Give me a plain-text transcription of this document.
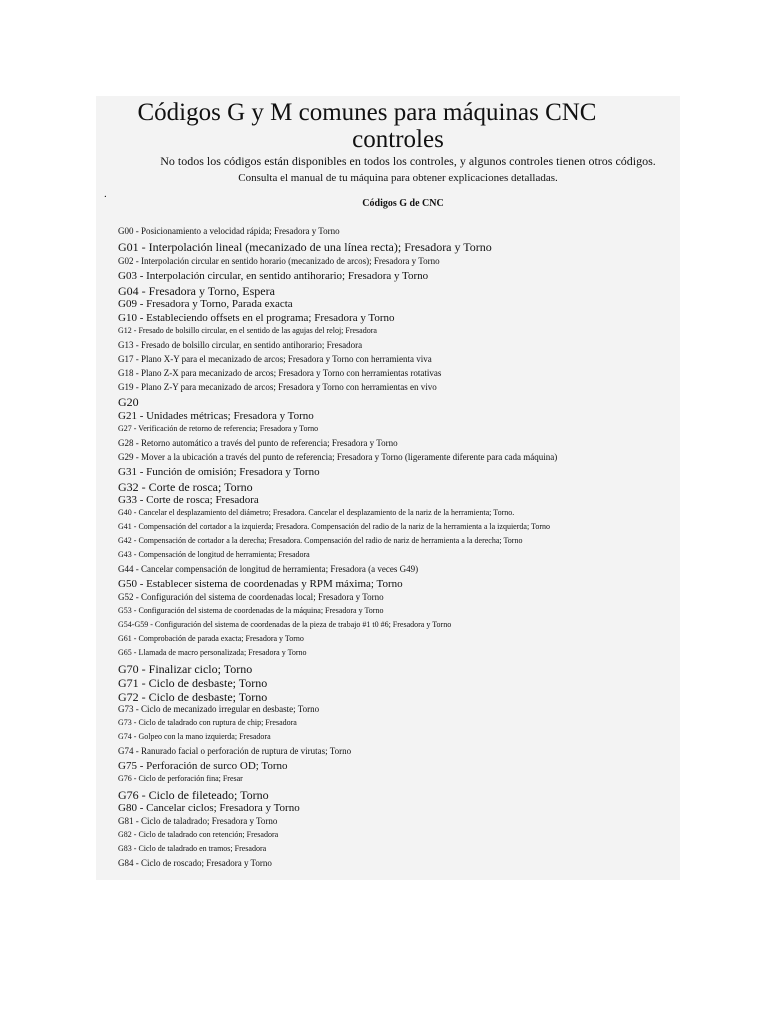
Códigos G y M comunes para máquinas CNC
controles
No todos los códigos están disponibles en todos los controles, y algunos controles tienen otros códigos.
Consulta el manual de tu máquina para obtener explicaciones detalladas.
.
Códigos G de CNC
G00 - Posicionamiento a velocidad rápida; Fresadora y Torno
G01 - Interpolación lineal (mecanizado de una línea recta); Fresadora y Torno
G02 - Interpolación circular en sentido horario (mecanizado de arcos); Fresadora y Torno
G03 - Interpolación circular, en sentido antihorario; Fresadora y Torno
G04 - Fresadora y Torno, Espera
G09 - Fresadora y Torno, Parada exacta
G10 - Estableciendo offsets en el programa; Fresadora y Torno
G12 - Fresado de bolsillo circular, en el sentido de las agujas del reloj; Fresadora
G13 - Fresado de bolsillo circular, en sentido antihorario; Fresadora
G17 - Plano X-Y para el mecanizado de arcos; Fresadora y Torno con herramienta viva
G18 - Plano Z-X para mecanizado de arcos; Fresadora y Torno con herramientas rotativas
G19 - Plano Z-Y para mecanizado de arcos; Fresadora y Torno con herramientas en vivo
G20
G21 - Unidades métricas; Fresadora y Torno
G27 - Verificación de retorno de referencia; Fresadora y Torno
G28 - Retorno automático a través del punto de referencia; Fresadora y Torno
G29 - Mover a la ubicación a través del punto de referencia; Fresadora y Torno (ligeramente diferente para cada máquina)
G31 - Función de omisión; Fresadora y Torno
G32 - Corte de rosca; Torno
G33 - Corte de rosca; Fresadora
G40 - Cancelar el desplazamiento del diámetro; Fresadora. Cancelar el desplazamiento de la nariz de la herramienta; Torno.
G41 - Compensación del cortador a la izquierda; Fresadora. Compensación del radio de la nariz de la herramienta a la izquierda; Torno
G42 - Compensación de cortador a la derecha; Fresadora. Compensación del radio de nariz de herramienta a la derecha; Torno
G43 - Compensación de longitud de herramienta; Fresadora
G44 - Cancelar compensación de longitud de herramienta; Fresadora (a veces G49)
G50 - Establecer sistema de coordenadas y RPM máxima; Torno
G52 - Configuración del sistema de coordenadas local; Fresadora y Torno
G53 - Configuración del sistema de coordenadas de la máquina; Fresadora y Torno
G54-G59 - Configuración del sistema de coordenadas de la pieza de trabajo #1 t0 #6; Fresadora y Torno
G61 - Comprobación de parada exacta; Fresadora y Torno
G65 - Llamada de macro personalizada; Fresadora y Torno
G70 - Finalizar ciclo; Torno
G71 - Ciclo de desbaste; Torno
G72 - Ciclo de desbaste; Torno
G73 - Ciclo de mecanizado irregular en desbaste; Torno
G73 - Ciclo de taladrado con ruptura de chip; Fresadora
G74 - Golpeo con la mano izquierda; Fresadora
G74 - Ranurado facial o perforación de ruptura de virutas; Torno
G75 - Perforación de surco OD; Torno
G76 - Ciclo de perforación fina; Fresar
G76 - Ciclo de fileteado; Torno
G80 - Cancelar ciclos; Fresadora y Torno
G81 - Ciclo de taladrado; Fresadora y Torno
G82 - Ciclo de taladrado con retención; Fresadora
G83 - Ciclo de taladrado en tramos; Fresadora
G84 - Ciclo de roscado; Fresadora y Torno
